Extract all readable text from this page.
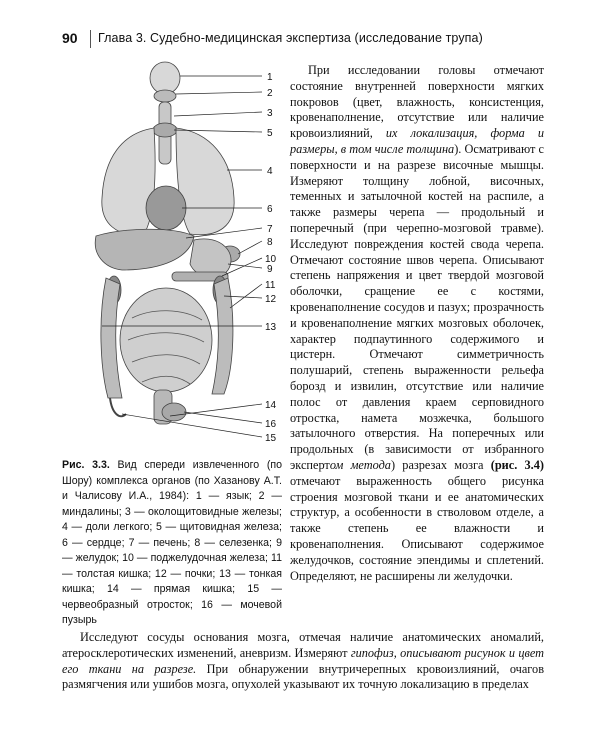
90 Глава 3. Судебно-медицинская экспертиза (исследование трупа)
1
2
3
4
5
6
7
8
9
10
11
12
13
14
15
16
Рис. 3.3. Вид спереди извлеченного (по Шору) комплекса органов (по Хазанову А.Т. и Чалисову И.А., 1984): 1 — язык; 2 — миндалины; 3 — околощитовидные железы; 4 — доли легкого; 5 — щитовидная железа; 6 — сердце; 7 — печень; 8 — селезенка; 9 — желудок; 10 — поджелудочная железа; 11 — толстая кишка; 12 — почки; 13 — тонкая кишка; 14 — прямая кишка; 15 — червеобразный отросток; 16 — мочевой пузырь

При исследовании головы отмечают состояние внутренней поверхности мягких покровов (цвет, влажность, консистенция, кровенаполнение, отсутствие или наличие кровоизлияний, их локализация, форма и размеры, в том числе толщина). Осматривают с поверхности и на разрезе височные мышцы. Измеряют толщину лобной, височных, теменных и затылочной костей на распиле, а также размеры черепа — продольный и поперечный (при черепно-мозговой травме). Исследуют повреждения костей свода черепа. Отмечают состояние швов черепа. Описывают степень напряжения и цвет твердой мозговой оболочки, сращение ее с костями, кровенаполнение сосудов и пазух; прозрачность и кровенаполнение мягких мозговых оболочек, характер подпаутинного содержимого и цистерн. Отмечают симметричность полушарий, степень выраженности рельефа борозд и извилин, отсутствие или наличие полос от давления краем серповидного отростка, намета мозжечка, большого затылочного отверстия. На поперечных или продольных (в зависимости от избранного экспертом метода) разрезах мозга (рис. 3.4) отмечают выраженность общего рисунка строения мозговой ткани и ее анатомических структур, а особенности в стволовом отделе, а также степень ее влажности и кровенаполнения. Описывают содержимое желудочков, состояние эпендимы и сплетений. Определяют, не расширены ли желудочки.

Исследуют сосуды основания мозга, отмечая наличие анатомических аномалий, атеросклеротических изменений, аневризм. Измеряют гипофиз, описывают рисунок и цвет его ткани на разрезе. При обнаружении внутричерепных кровоизлияний, очагов размягчения или ушибов мозга, опухолей указывают их точную локализацию в пределах
